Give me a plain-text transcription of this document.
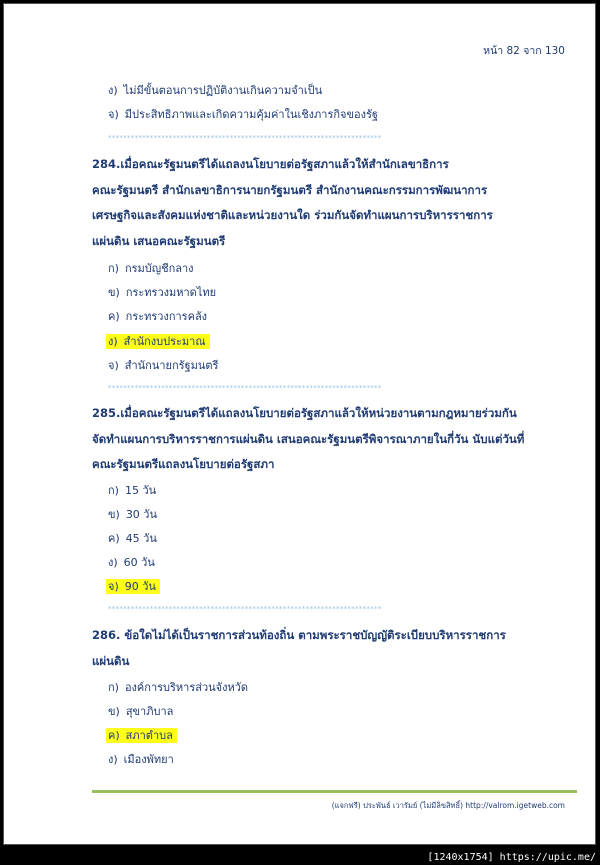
หน้า 82 จาก 130
ง) ไม่มีขั้นตอนการปฏิบัติงานเกินความจำเป็น
จ) มีประสิทธิภาพและเกิดความคุ้มค่าในเชิงภารกิจของรัฐ
************************************************************************
284.เมื่อคณะรัฐมนตรีได้แถลงนโยบายต่อรัฐสภาแล้วให้สำนักเลขาธิการ
คณะรัฐมนตรี สำนักเลขาธิการนายกรัฐมนตรี สำนักงานคณะกรรมการพัฒนาการ
เศรษฐกิจและสังคมแห่งชาติและหน่วยงานใด ร่วมกันจัดทำแผนการบริหารราชการ
แผ่นดิน เสนอคณะรัฐมนตรี
ก) กรมบัญชีกลาง
ข) กระทรวงมหาดไทย
ค) กระทรวงการคลัง
ง) สำนักงบประมาณ
จ) สำนักนายกรัฐมนตรี
************************************************************************
285.เมื่อคณะรัฐมนตรีได้แถลงนโยบายต่อรัฐสภาแล้วให้หน่วยงานตามกฎหมายร่วมกัน
จัดทำแผนการบริหารราชการแผ่นดิน เสนอคณะรัฐมนตรีพิจารณาภายในกี่วัน นับแต่วันที่
คณะรัฐมนตรีแถลงนโยบายต่อรัฐสภา
ก) 15 วัน
ข) 30 วัน
ค) 45 วัน
ง) 60 วัน
จ) 90 วัน
************************************************************************
286. ข้อใดไม่ได้เป็นราชการส่วนท้องถิ่น ตามพระราชบัญญัติระเบียบบริหารราชการ
แผ่นดิน
ก) องค์การบริหารส่วนจังหวัด
ข) สุขาภิบาล
ค) สภาตำบล
ง) เมืองพัทยา
(แจกฟรี) ประพันธ์ เวารัมย์ (ไม่มีลิขสิทธิ์) http://valrom.igetweb.com
[1240x1754] https://upic.me/
